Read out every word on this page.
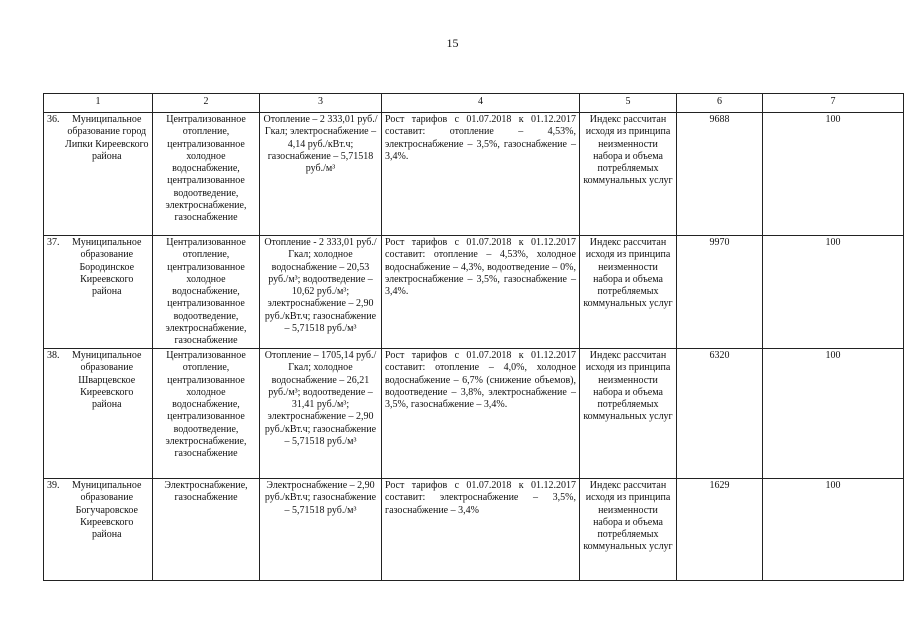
15
1	2	3	4	5	6	7

36. Муниципальное образование город Липки Киреевского района	Централизованное отопление, централизованное холодное водоснабжение, централизованное водоотведение, электроснабжение, газоснабжение	Отопление – 2 333,01 руб./Гкал; электроснабжение – 4,14 руб./кВт.ч; газоснабжение – 5,71518 руб./м³	Рост тарифов с 01.07.2018 к 01.12.2017 составит: отопление – 4,53%, электроснабжение – 3,5%, газоснабжение – 3,4%.	Индекс рассчитан исходя из принципа неизменности набора и объема потребляемых коммунальных услуг	9688	100

37. Муниципальное образование Бородинское Киреевского района	Централизованное отопление, централизованное холодное водоснабжение, централизованное водоотведение, электроснабжение, газоснабжение	Отопление - 2 333,01 руб./Гкал; холодное водоснабжение – 20,53 руб./м³; водоотведение – 10,62 руб./м³; электроснабжение – 2,90 руб./кВт.ч; газоснабжение – 5,71518 руб./м³	Рост тарифов с 01.07.2018 к 01.12.2017 составит: отопление – 4,53%, холодное водоснабжение – 4,3%, водоотведение – 0%, электроснабжение – 3,5%, газоснабжение – 3,4%.	Индекс рассчитан исходя из принципа неизменности набора и объема потребляемых коммунальных услуг	9970	100

38. Муниципальное образование Шварцевское Киреевского района	Централизованное отопление, централизованное холодное водоснабжение, централизованное водоотведение, электроснабжение, газоснабжение	Отопление – 1705,14 руб./Гкал; холодное водоснабжение – 26,21 руб./м³; водоотведение – 31,41 руб./м³; электроснабжение – 2,90 руб./кВт.ч; газоснабжение – 5,71518 руб./м³	Рост тарифов с 01.07.2018 к 01.12.2017 составит: отопление – 4,0%, холодное водоснабжение – 6,7% (снижение объемов), водоотведение – 3,8%, электроснабжение – 3,5%, газоснабжение – 3,4%.	Индекс рассчитан исходя из принципа неизменности набора и объема потребляемых коммунальных услуг	6320	100

39. Муниципальное образование Богучаровское Киреевского района	Электроснабжение, газоснабжение	Электроснабжение – 2,90 руб./кВт.ч; газоснабжение – 5,71518 руб./м³	Рост тарифов с 01.07.2018 к 01.12.2017 составит: электроснабжение – 3,5%, газоснабжение – 3,4%	Индекс рассчитан исходя из принципа неизменности набора и объема потребляемых коммунальных услуг	1629	100
